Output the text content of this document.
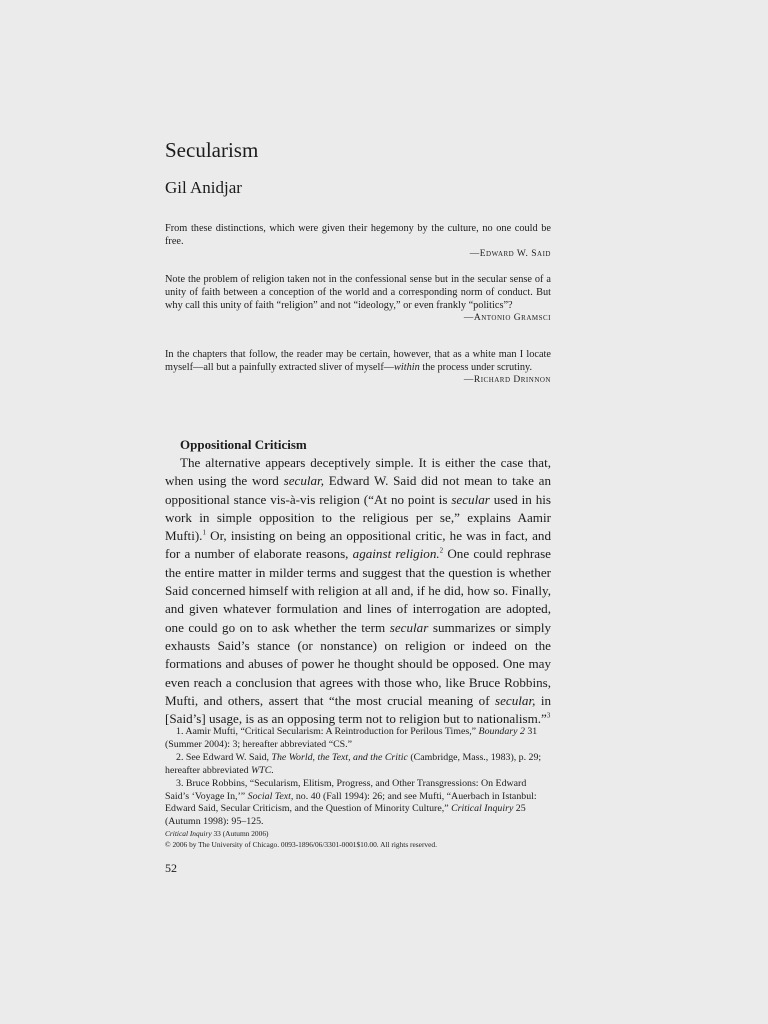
Secularism
Gil Anidjar
From these distinctions, which were given their hegemony by the culture, no one could be free.
—Edward W. Said
Note the problem of religion taken not in the confessional sense but in the secular sense of a unity of faith between a conception of the world and a corresponding norm of conduct. But why call this unity of faith “religion” and not “ideology,” or even frankly “politics”?
—Antonio Gramsci
In the chapters that follow, the reader may be certain, however, that as a white man I locate myself—all but a painfully extracted sliver of myself—within the process under scrutiny.
—Richard Drinnon
Oppositional Criticism

The alternative appears deceptively simple. It is either the case that, when using the word secular, Edward W. Said did not mean to take an oppositional stance vis-à-vis religion (“At no point is secular used in his work in simple opposition to the religious per se,” explains Aamir Mufti).$^1$ Or, insisting on being an oppositional critic, he was in fact, and for a number of elaborate reasons, against religion.$^2$ One could rephrase the entire matter in milder terms and suggest that the question is whether Said concerned himself with religion at all and, if he did, how so. Finally, and given whatever formulation and lines of interrogation are adopted, one could go on to ask whether the term secular summarizes or simply exhausts Said’s stance (or nonstance) on religion or indeed on the formations and abuses of power he thought should be opposed. One may even reach a conclusion that agrees with those who, like Bruce Robbins, Mufti, and others, assert that “the most crucial meaning of secular, in [Said’s] usage, is as an opposing term not to religion but to nationalism.”$^3$

1. Aamir Mufti, “Critical Secularism: A Reintroduction for Perilous Times,” Boundary 2 31 (Summer 2004): 3; hereafter abbreviated “CS.”

2. See Edward W. Said, The World, the Text, and the Critic (Cambridge, Mass., 1983), p. 29; hereafter abbreviated WTC.

3. Bruce Robbins, “Secularism, Elitism, Progress, and Other Transgressions: On Edward Said’s ‘Voyage In,’” Social Text, no. 40 (Fall 1994): 26; and see Mufti, “Auerbach in Istanbul: Edward Said, Secular Criticism, and the Question of Minority Culture,” Critical Inquiry 25 (Autumn 1998): 95–125.

Critical Inquiry 33 (Autumn 2006)
© 2006 by The University of Chicago. 0093-1896/06/3301-0001$10.00. All rights reserved.
52
